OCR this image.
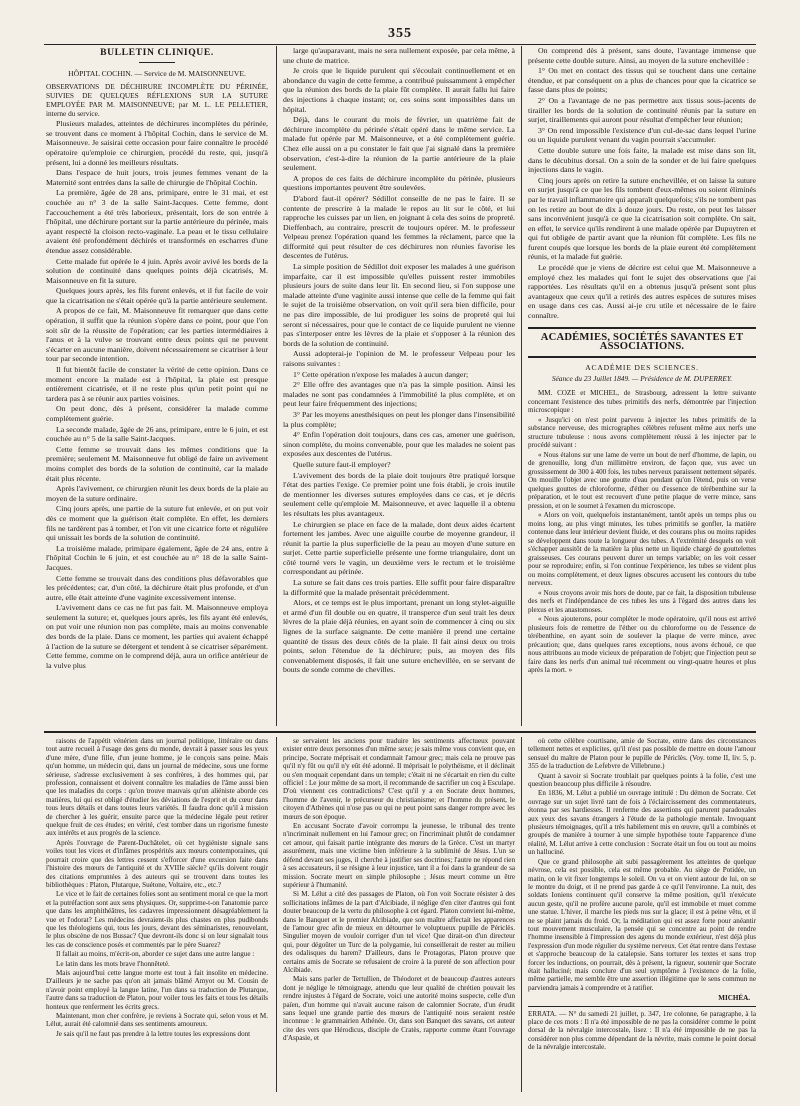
355
BULLETIN CLINIQUE.
HÔPITAL COCHIN. — Service de M. MAISONNEUVE.

OBSERVATIONS DE DÉCHIRURE INCOMPLÈTE DU PÉRINÉE, SUIVIES DE QUELQUES RÉFLEXIONS SUR LA SUTURE EMPLOYÉE PAR M. MAISONNEUVE; par M. L. LE PELLETIER, interne du service.

Plusieurs malades, atteintes de déchirures incomplètes du périnée, se trouvent dans ce moment à l'hôpital Cochin, dans le service de M. Maisonneuve. Je saisirai cette occasion pour faire connaître le procédé opératoire qu'emploie ce chirurgien, procédé du reste, qui, jusqu'à présent, lui a donné les meilleurs résultats.

Dans l'espace de huit jours, trois jeunes femmes venant de la Maternité sont entrées dans la salle de chirurgie de l'hôpital Cochin.

La première, âgée de 28 ans, primipare, entre le 31 mai, et est couchée au n° 3 de la salle Saint-Jacques. Cette femme, dont l'accouchement a été très laborieux, présentait, lors de son entrée à l'hôpital, une déchirure portant sur la partie antérieure du périnée, mais ayant respecté la cloison recto-vaginale. La peau et le tissu cellulaire avaient été profondément déchirés et transformés en escharres d'une étendue assez considérable.

Cette malade fut opérée le 4 juin. Après avoir avivé les bords de la solution de continuité dans quelques points déjà cicatrisés, M. Maisonneuve en fit la suture.

Quelques jours après, les fils furent enlevés, et il fut facile de voir que la cicatrisation ne s'était opérée qu'à la partie antérieure seulement.

A propos de ce fait, M. Maisonneuve fit remarquer que dans cette opération, il suffit que la réunion s'opère dans ce point, pour que l'on soit sûr de la réussite de l'opération; car les parties intermédiaires à l'anus et à la vulve se trouvant entre deux points qui ne peuvent s'écarter en aucune manière, doivent nécessairement se cicatriser à leur tour par seconde intention.

Il fut bientôt facile de constater la vérité de cette opinion. Dans ce moment encore la malade est à l'hôpital, la plaie est presque entièrement cicatrisée, et il ne reste plus qu'un petit point qui ne tardera pas à se réunir aux parties voisines.

On peut donc, dès à présent, considérer la malade comme complètement guérie.

La seconde malade, âgée de 26 ans, primipare, entre le 6 juin, et est couchée au n° 5 de la salle Saint-Jacques.

Cette femme se trouvait dans les mêmes conditions que la première; seulement M. Maisonneuve fut obligé de faire un avivement moins complet des bords de la solution de continuité, car la malade était plus récente.

Après l'avivement, ce chirurgien réunit les deux bords de la plaie au moyen de la suture ordinaire.

Cinq jours après, une partie de la suture fut enlevée, et on put voir dès ce moment que la guérison était complète. En effet, les derniers fils ne tardèrent pas à tomber, et l'on vit une cicatrice forte et régulière qui unissait les bords de la solution de continuité.

La troisième malade, primipare également, âgée de 24 ans, entre à l'hôpital Cochin le 6 juin, et est couchée au n° 18 de la salle Saint-Jacques.

Cette femme se trouvait dans des conditions plus défavorables que les précédentes; car, d'un côté, la déchirure était plus profonde, et d'un autre, elle était atteinte d'une vaginite excessivement intense.

L'avivement dans ce cas ne fut pas fait. M. Maisonneuve employa seulement la suture; et, quelques jours après, les fils ayant été enlevés, on put voir une réunion non pas complète, mais au moins convenable des bords de la plaie. Dans ce moment, les parties qui avaient échappé à l'action de la suture se détergent et tendent à se cicatriser séparément. Cette femme, comme on le comprend déjà, aura un orifice antérieur de la vulve plus

large qu'auparavant, mais ne sera nullement exposée, par cela même, à une chute de matrice.

Je crois que le liquide purulent qui s'écoulait continuellement et en abondance du vagin de cette femme, a contribué puissamment à empêcher que la réunion des bords de la plaie fût complète. Il aurait fallu lui faire des injections à chaque instant; or, ces soins sont impossibles dans un hôpital.

Déjà, dans le courant du mois de février, un quatrième fait de déchirure incomplète du périnée s'était opéré dans le même service. La malade fut opérée par M. Maisonneuve, et a été complètement guérie. Chez elle aussi on a pu constater le fait que j'ai signalé dans la première observation, c'est-à-dire la réunion de la partie antérieure de la plaie seulement.

A propos de ces faits de déchirure incomplète du périnée, plusieurs questions importantes peuvent être soulevées.

D'abord faut-il opérer? Sédillot conseille de ne pas le faire. Il se contente de prescrire à la malade le repos au lit sur le côté, et lui rapproche les cuisses par un lien, en joignant à cela des soins de propreté. Dieffenbach, au contraire, prescrit de toujours opérer. M. le professeur Velpeau prenez l'opération quand les femmes la réclament, parce que la difformité qui peut résulter de ces déchirures non réunies favorise les descentes de l'utérus.

La simple position de Sédillot doit exposer les malades à une guérison imparfaite, car il est impossible qu'elles puissent rester immobiles plusieurs jours de suite dans leur lit. En second lieu, si l'on suppose une malade atteinte d'une vaginite aussi intense que celle de la femme qui fait le sujet de la troisième observation, on voit qu'il sera bien difficile, pour ne pas dire impossible, de lui prodiguer les soins de propreté qui lui seront si nécessaires, pour que le contact de ce liquide purulent ne vienne pas s'interposer entre les lèvres de la plaie et s'opposer à la réunion des bords de la solution de continuité.

Aussi adopterai-je l'opinion de M. le professeur Velpeau pour les raisons suivantes :

1° Cette opération n'expose les malades à aucun danger;

2° Elle offre des avantages que n'a pas la simple position. Ainsi les malades ne sont pas condamnées à l'immobilité la plus complète, et on peut leur faire fréquemment des injections;

3° Par les moyens anesthésiques on peut les plonger dans l'insensibilité la plus complète;

4° Enfin l'opération doit toujours, dans ces cas, amener une guérison, sinon complète, du moins convenable, pour que les malades ne soient pas exposées aux descentes de l'utérus.

Quelle suture faut-il employer?

L'avivement des bords de la plaie doit toujours être pratiqué lorsque l'état des parties l'exige. Ce premier point une fois établi, je crois inutile de mentionner les diverses sutures employées dans ce cas, et je décris seulement celle qu'emploie M. Maisonneuve, et avec laquelle il a obtenu les résultats les plus avantageux.

Le chirurgien se place en face de la malade, dont deux aides écartent fortement les jambes. Avec une aiguille courbe de moyenne grandeur, il réunit la partie la plus superficielle de la peau au moyen d'une suture en surjet. Cette partie superficielle présente une forme triangulaire, dont un côté tourné vers le vagin, un deuxième vers le rectum et le troisième correspondant au périnée.

La suture se fait dans ces trois parties. Elle suffit pour faire disparaître la difformité que la malade présentait précédemment.

Alors, et ce temps est le plus important, prenant un long stylet-aiguille et armé d'un fil double ou en quatre, il transperce d'un seul trait les deux lèvres de la plaie déjà réunies, en ayant soin de commencer à cinq ou six lignes de la surface saignante. De cette manière il prend une certaine quantité de tissus des deux côtés de la plaie. Il fait ainsi deux ou trois points, selon l'étendue de la déchirure; puis, au moyen des fils convenablement disposés, il fait une suture enchevillée, en se servant de bouts de sonde comme de chevilles.

On comprend dès à présent, sans doute, l'avantage immense que présente cette double suture. Ainsi, au moyen de la suture enchevillée :

1° On met en contact des tissus qui se touchent dans une certaine étendue, et par conséquent on a plus de chances pour que la cicatrice se fasse dans plus de points;

2° On a l'avantage de ne pas permettre aux tissus sous-jacents de tirailler les bords de la solution de continuité réunis par la suture en surjet, tiraillements qui auront pour résultat d'empêcher leur réunion;

3° On rend impossible l'existence d'un cul-de-sac dans lequel l'urine ou un liquide purulent venant du vagin pourrait s'accumuler.

Cette double suture une fois faite, la malade est mise dans son lit, dans le décubitus dorsal. On a soin de la sonder et de lui faire quelques injections dans le vagin.

Cinq jours après on retire la suture enchevillée, et on laisse la suture en surjet jusqu'à ce que les fils tombent d'eux-mêmes ou soient éliminés par le travail inflammatoire qui apparaît quelquefois; s'ils ne tombent pas on les retire au bout de dix à douze jours. Du reste, on peut les laisser sans inconvénient jusqu'à ce que la cicatrisation soit complète. On sait, en effet, le service qu'ils rendirent à une malade opérée par Dupuytren et qui fut obligée de partir avant que la réunion fût complète. Les fils ne furent coupés que lorsque les bords de la plaie eurent été complètement réunis, et la malade fut guérie.

Le procédé que je viens de décrire est celui que M. Maisonneuve a employé chez les malades qui font le sujet des observations que j'ai rapportées. Les résultats qu'il en a obtenus jusqu'à présent sont plus avantageux que ceux qu'il a retirés des autres espèces de sutures mises en usage dans ces cas. Aussi ai-je cru utile et nécessaire de le faire connaître.

ACADÉMIES, SOCIÉTÉS SAVANTES ET ASSOCIATIONS.
ACADÉMIE DES SCIENCES.
Séance du 23 Juillet 1849. — Présidence de M. DUPERREY.

MM. COZE et MICHEL, de Strasbourg, adressent la lettre suivante concernant l'existence des tubes primitifs des nerfs, démontrée par l'injection microscopique :

« Jusqu'ici on n'est point parvenu à injecter les tubes primitifs de la substance nerveuse, des micrographes célèbres refusent même aux nerfs une structure tubuleuse : nous avons complètement réussi à les injecter par le procédé suivant :

« Nous étalons sur une lame de verre un bout de nerf d'homme, de lapin, ou de grenouille, long d'un millimètre environ, de façon que, vus avec un grossissement de 300 à 400 fois, les tubes nerveux paraissent nettement séparés. On mouille l'objet avec une goutte d'eau pendant qu'on l'étend, puis on verse quelques gouttes de chloroforme, d'éther ou d'essence de térébenthine sur la préparation, et le tout est recouvert d'une petite plaque de verre mince, sans pression, et on le soumet à l'examen du microscope.

« Alors on voit, quelquefois instantanément, tantôt après un temps plus ou moins long, au plus vingt minutes, les tubes primitifs se gonfler, la matière contenue dans leur intérieur devient fluide, et des courans plus ou moins rapides se développent dans toute la longueur des tubes. A l'extrémité desquels on voit s'échapper aussitôt de la matière la plus nette un liquide chargé de gouttelettes graisseuses. Ces courans peuvent durer un temps variable; on les voit cesser pour se reproduire; enfin, si l'on continue l'expérience, les tubes se vident plus ou moins complètement, et deux lignes obscures accusent les contours du tube nerveux.

« Nous croyons avoir mis hors de doute, par ce fait, la disposition tubuleuse des nerfs et l'indépendance de ces tubes les uns à l'égard des autres dans les plexus et les anastomoses.

« Nous ajouterons, pour compléter le mode opératoire, qu'il nous est arrivé plusieurs fois de remettre de l'éther ou du chloroforme ou de l'essence de térébenthine, en ayant soin de soulever la plaque de verre mince, avec précaution; que, dans quelques rares exceptions, nous avons échoué, ce que nous attribuons au mode vicieux de préparation de l'objet; que l'injection peut se faire dans les nerfs d'un animal tué récemment ou vingt-quatre heures et plus après la mort. »

raisons de l'appétit vénérien dans un journal politique, littéraire ou dans tout autre recueil à l'usage des gens du monde, devrait à passer sous les yeux d'une mère, d'une fille, d'un jeune homme, je le conçois sans peine. Mais qu'un homme, un médecin qui, dans un journal de médecine, sous une forme sérieuse, s'adresse exclusivement à ses confrères, à des hommes qui, par profession, connaissent et doivent connaître les maladies de l'âme aussi bien que les maladies du corps : qu'on trouve mauvais qu'un aliéniste aborde ces matières, lui qui est obligé d'étudier les déviations de l'esprit et du cœur dans tous leurs détails et dans toutes leurs variétés. Il faudra donc qu'il à mission de chercher à les guérir, ensuite parce que la médecine légale peut retirer quelque fruit de ces études; en vérité, c'est tomber dans un rigorisme funeste aux intérêts et aux progrès de la science.

Après l'ouvrage de Parent-Duchâtelet, où cet hygiéniste signale sans voiles tout les vices et d'infâmes prospérités aux mœurs contemporaines, qui pourrait croire que des lettres cessent s'efforcer d'une excursion faite dans l'histoire des mœurs de l'antiquité et du XVIIIe siècle? qu'ils doivent rougir des citations empruntées à des auteurs qui se trouvent dans toutes les bibliothèques : Platon, Plutarque, Suétone, Voltaire, etc., etc.?

Le vice et le fait de certaines folies sont au sentiment moral ce que la mort et la putréfaction sont aux sens physiques. Or, supprime-t-on l'anatomie parce que dans les amphithéâtres, les cadavres impressionnent désagréablement la vue et l'odorat? Les médecins devraient-ils plus chastes en plus pudibonds que les théologiens qui, tous les jours, devant des séminaristes, renouvelant, le plus obscène de nos Bussac? Que devront-ils donc si on leur signalait tous les cas de conscience posés et commentés par le père Suarez?

Il fallait au moins, m'écrit-on, aborder ce sujet dans une autre langue :

Le latin dans les mots brave l'honnêteté.

Mais aujourd'hui cette langue morte est tout à fait insolite en médecine. D'ailleurs je ne sache pas qu'on ait jamais blâmé Amyot ou M. Cousin de n'avoir point employé la langue latine, l'un dans sa traduction de Plutarque, l'autre dans sa traduction de Platon, pour voiler tous les faits et tous les détails honteux que renferment les écrits grecs.

Maintenant, mon cher confrère, je reviens à Socrate qui, selon vous et M. Lélut, aurait été calomnié dans ses sentiments amoureux.

Je sais qu'il ne faut pas prendre à la lettre toutes les expressions dont

se servaient les anciens pour traduire les sentiments affectueux pouvant exister entre deux personnes d'un même sexe; je sais même vous convient que, en principe, Socrate méprisait et condamnait l'amour grec; mais cela ne prouve pas qu'il n'y fût ou qu'il n'y eût été adonné. Il méprisait le polythéisme, et il déclinait ou s'en moquait cependant dans un temple; c'était ni ne s'écartait en rien du culte officiel : Le jour même de sa mort, il recommande de sacrifier un coq à Esculape. D'où viennent ces contradictions? C'est qu'il y a en Socrate deux hommes, l'homme de l'avenir, le précurseur du christianisme; et l'homme du présent, le citoyen d'Athènes qui n'ose pas ou qui ne peut point sans danger rompre avec les mœurs de son époque.

En accusant Socrate d'avoir corrompu la jeunesse, le tribunal des trente n'incriminait nullement en lui l'amour grec; on l'incriminait plutôt de condamner cet amour, qui faisait partie intégrante des mœurs de la Grèce. C'est un martyr assurément, mais une victime bien inférieure à la sublimité de Jésus. L'un se défend devant ses juges, il cherche à justifier ses doctrines; l'autre ne répond rien à ses accusateurs, il se résigne à leur injustice, tant il a foi dans la grandeur de sa mission. Socrate meurt en simple philosophe ; Jésus meurt comme un être supérieur à l'humanité.

Si M. Lélut a cité des passages de Platon, où l'on voit Socrate résister à des sollicitations infâmes de la part d'Alcibiade, il néglige d'en citer d'autres qui font douter beaucoup de la vertu du philosophe à cet égard. Platon convient lui-même, dans le Banquet et le premier Alcibiade, que son maître affectait les apparences de l'amour grec afin de mieux en détourner le voluptueux pupille de Périclès. Singulier moyen de vouloir corriger d'un tel vice! Que dirait-on d'un directeur qui, pour dégoûter un Turc de la polygamie, lui conseillerait de rester au milieu des odalisques du harem? D'ailleurs, dans le Protagoras, Platon prouve que certains amis de Socrate se refusaient de croire à la pureté de son affection pour Alcibiade.

Mais sans parler de Tertullien, de Théodoret et de beaucoup d'autres auteurs dont je néglige le témoignage, attendu que leur qualité de chrétien pouvait les rendre injustes à l'égard de Socrate, voici une autorité moins suspecte, celle d'un païen, d'un homme qui n'avait aucune raison de calomnier Socrate, d'un érudit sans lequel une grande partie des mœurs de l'antiquité nous seraient restée inconnue : le grammairien Athénée. Or, dans son Banquet des savans, cet auteur cite des vers que Hérodicus, disciple de Cratès, rapporte comme étant l'ouvrage d'Aspasie, et

où cette célèbre courtisane, amie de Socrate, entre dans des circonstances tellement nettes et explicites, qu'il n'est pas possible de mettre en doute l'amour sensuel du maître de Platon pour le pupille de Périclès. (Voy. tome II, liv. 5, p. 355 de la traduction de Lefebvre de Villebrune.)

Quant à savoir si Socrate troublait par quelques points à la folie, c'est une question beaucoup plus difficile à résoudre.

En 1836, M. Lélut a publié un ouvrage intitulé : Du démon de Socrate. Cet ouvrage sur un sujet livré tant de fois à l'éclaircissement des commentateurs, étonna par ses hardiesses. Il renferme des assertions qui parurent paradoxales aux yeux des savans étrangers à l'étude de la pathologie mentale. Invoquant plusieurs témoignages, qu'il a très habilement mis en œuvre, qu'il a combinés et groupés de manière à tourner à une simple hypothèse toute l'apparence d'une réalité, M. Lélut arrive à cette conclusion : Socrate était un fou ou tout au moins un halluciné.

Que ce grand philosophe ait subi passagèrement les atteintes de quelque névrose, cela est possible, cela est même probable. Au siège de Potidée, un matin, on le vit fixer longtemps le soleil. On va et on vient autour de lui, on se le montre du doigt, et il ne prend pas garde à ce qu'il l'environne. La nuit, des soldats Ioniens continuent qu'il conserve la même position, qu'il n'exécute aucun geste, qu'il ne profère aucune parole, qu'il est immobile et muet comme une statue. L'hiver, il marche les pieds nus sur la glace; il est à peine vêtu, et il ne se plaint jamais du froid. Or, la méditation qui est assez forte pour anéantir tout mouvement musculaire, la pensée qui se concentre au point de rendre l'homme insensible à l'impression des agens du monde extérieur, n'est déjà plus l'expression d'un mode régulier du système nerveux. Cet état rentre dans l'extase et s'approche beaucoup de la catalepsie. Sans torturer les textes et sans trop forcer les inductions, on pourrait, dès à présent, la rigueur, soutenir que Socrate était halluciné; mais conclure d'un seul symptôme à l'existence de la folie, même partielle, me semble être une assertion illégitime que le sens commun ne parviendra jamais à comprendre et à ratifier.

MICHÉA.

ERRATA. — N° du samedi 21 juillet, p. 347, 1re colonne, 6e paragraphe, à la place de ces mots : Il n'a été impossible de ne pas la considérer comme le point dorsal de la névralgie intercostale, lisez : Il n'a été impossible de ne pas la considérer non plus comme dépendant de la névrite, mais comme le point dorsal de la névralgie intercostale.
